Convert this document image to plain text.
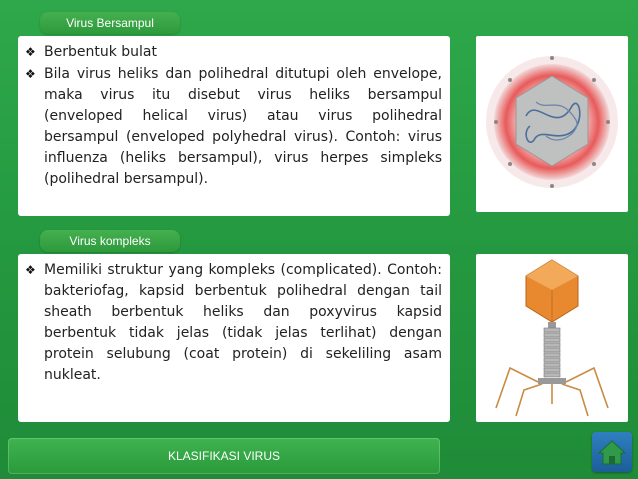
Virus Bersampul
❖ Berbentuk bulat
❖ Bila virus heliks dan polihedral ditutupi oleh envelope, maka virus itu disebut virus heliks bersampul (enveloped helical virus) atau virus polihedral bersampul (enveloped polyhedral virus). Contoh: virus influenza (heliks bersampul), virus herpes simpleks (polihedral bersampul).
Virus kompleks
❖ Memiliki struktur yang kompleks (complicated). Contoh: bakteriofag, kapsid berbentuk polihedral dengan tail sheath berbentuk heliks dan poxyvirus kapsid berbentuk tidak jelas (tidak jelas terlihat) dengan protein selubung (coat protein) di sekeliling asam nukleat.
KLASIFIKASI VIRUS
